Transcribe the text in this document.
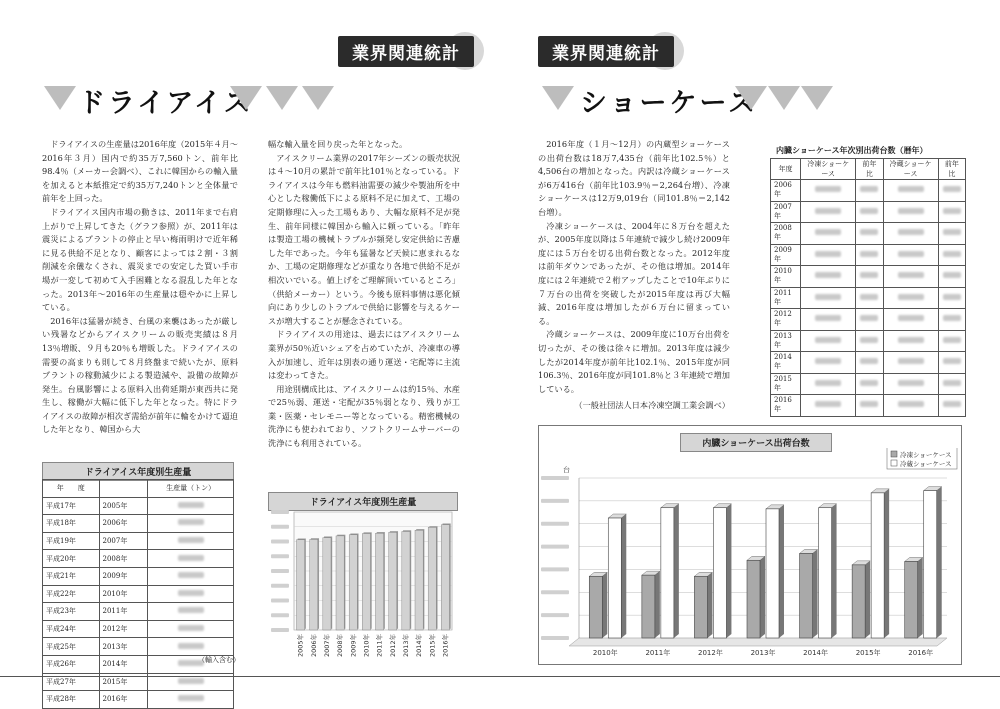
業界関連統計	業界関連統計
ドライアイス	ショーケース

ドライアイスの生産量は2016年度（2015年４月～2016年３月）国内で約35万7,560トン、前年比98.4％（メーカー会調べ）、これに韓国からの輸入量を加えると本紙推定で約35万7,240トンと全体量で前年を上回った。

ドライアイス国内市場の動きは、2011年まで右肩上がりで上昇してきた（グラフ参照）が、2011年は震災によるプラントの停止と早い梅雨明けで近年稀に見る供給不足となり、顧客によっては２割・３割削減を余儀なくされ、震災までの安定した買い手市場が一変して初めて入手困難となる混乱した年となった。2013年～2016年の生産量は穏やかに上昇している。

2016年は猛暑が続き、台風の来襲はあったが厳しい残暑などからアイスクリームの販売実績は８月13％増販、９月も20％も増販した。ドライアイスの需要の高まりも則して８月終盤まで続いたが、原料プラントの稼動減少による製造減や、設備の故障が発生。台風影響による原料入出荷延期が東西共に発生し、稼働が大幅に低下した年となった。特にドライアイスの故障が相次ぎ需給が前年に輪をかけて逼迫した年となり、韓国から大

幅な輸入量を回り戻った年となった。

アイスクリーム業界の2017年シーズンの販売状況は４～10月の累計で前年比101％となっている。ドライアイスは今年も燃料油需要の減少や製油所を中心とした稼働低下による原料不足に加えて、工場の定期修理に入った工場もあり、大幅な原料不足が発生、前年同様に韓国から輸入に頼っている。「昨年は製造工場の機械トラブルが頻発し安定供給に苦慮した年であった。今年も猛暑など天候に恵まれるなか、工場の定期修理などが重なり各地で供給不足が相次いでいる。値上げをご理解頂いているところ」（供給メーカー）という。今後も原料事情は悪化傾向にあり少しのトラブルで供給に影響を与えるケースが増大することが懸念されている。

ドライアイスの用途は、過去にはアイスクリーム業界が50％近いシェアを占めていたが、冷凍車の導入が加速し、近年は別表の通り運送・宅配等に主流は変わってきた。

用途別構成比は、アイスクリームは約15％、水産で25％弱、運送・宅配が35％弱となり、残りが工業・医薬・セレモニー等となっている。精密機械の洗浄にも使われており、ソフトクリームサーバーの洗浄にも利用されている。

ドライアイス年度別生産量
年　　度		生産量（トン）
平成17年	2005年	
平成18年	2006年	
平成19年	2007年	
平成20年	2008年	
平成21年	2009年	
平成22年	2010年	
平成23年	2011年	
平成24年	2012年	
平成25年	2013年	
平成26年	2014年	
平成27年	2015年	
平成28年	2016年	
（輸入含む）
ドライアイス年度別生産量
2005年 2006年 2007年 2008年 2009年 2010年 2011年 2012年 2013年 2014年 2015年 2016年

2016年度（１月～12月）の内蔵型ショーケースの出荷台数は18万7,435台（前年比102.5％）と4,506台の増加となった。内訳は冷蔵ショーケースが6万416台（前年比103.9％＝2,264台増）、冷凍ショーケースは12万9,019台（同101.8％＝2,142台増）。

冷凍ショーケースは、2004年に８万台を超えたが、2005年度以降は５年連続で減少し続け2009年度には５万台を切る出荷台数となった。2012年度は前年ダウンであったが、その他は増加。2014年度には２年連続で２桁アップしたことで10年ぶりに７万台の出荷を突破したが2015年度は再び大幅減、2016年度は増加したが６万台に留まっている。

冷蔵ショーケースは、2009年度に10万台出荷を切ったが、その後は徐々に増加。2013年度は減少したが2014年度が前年比102.1％、2015年度が同106.3％、2016年度が同101.8％と３年連続で増加している。

（一般社団法人日本冷凍空調工業会調べ）
内臓ショーケース年次別出荷台数（暦年）
年度	冷凍ショーケース	前年比	冷蔵ショーケース	前年比
2006年				
2007年				
2008年				
2009年				
2010年				
2011年				
2012年				
2013年				
2014年				
2015年				
2016年				
内臓ショーケース出荷台数
台
2010年	2011年	2012年	2013年	2014年	2015年	2016年
冷凍ショーケース
冷蔵ショーケース
